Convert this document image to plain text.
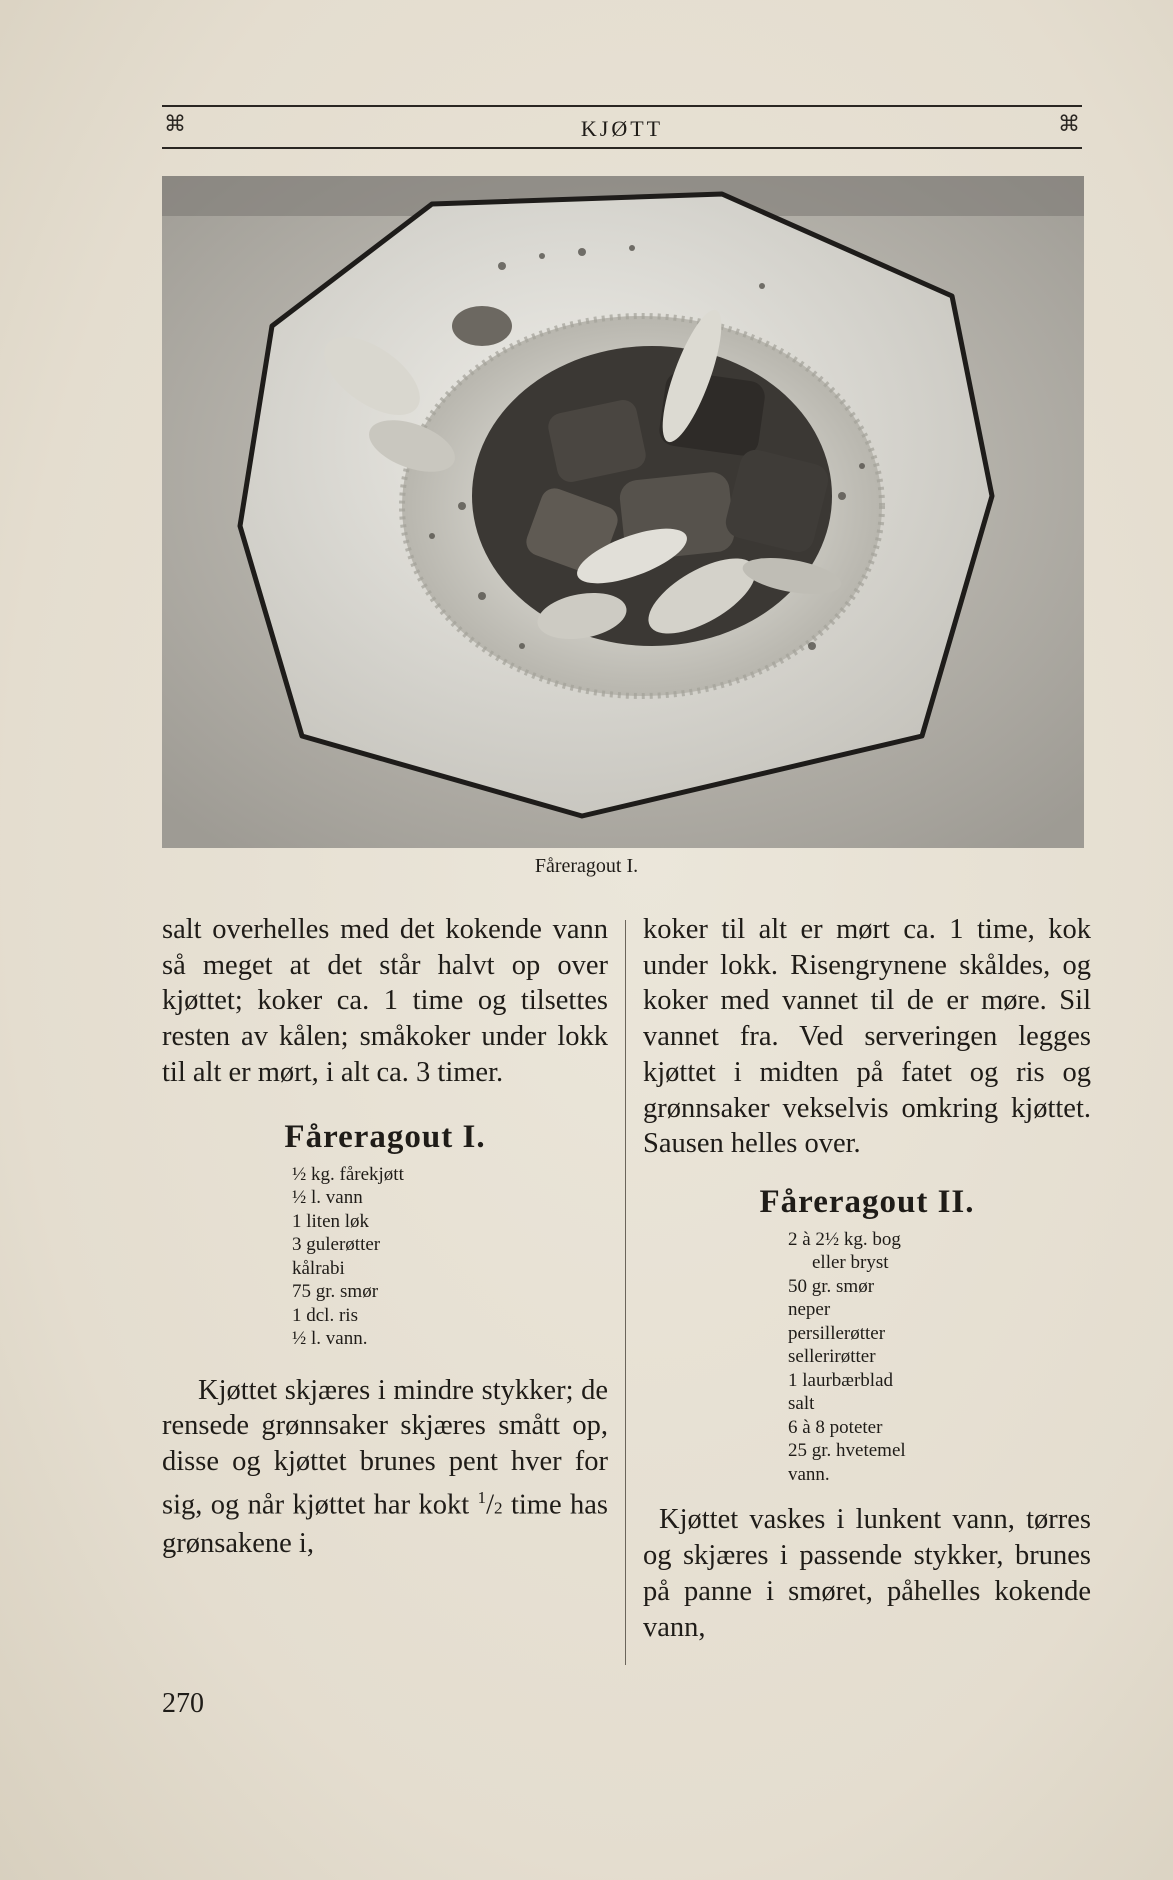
⌘	KJØTT	⌘
Fåreragout I.

salt overhelles med det kokende vann så meget at det står halvt op over kjøttet; koker ca. 1 time og tilsettes resten av kålen; småkoker under lokk til alt er mørt, i alt ca. 3 timer.

Fåreragout I.
½ kg. fårekjøtt
½ l. vann
1 liten løk
3 gulerøtter
kålrabi
75 gr. smør
1 dcl. ris
½ l. vann.

Kjøttet skjæres i mindre stykker; de rensede grønnsaker skjæres smått op, disse og kjøttet brunes pent hver for sig, og når kjøttet har kokt $^1$/2 time has grønsakene i,

koker til alt er mørt ca. 1 time, kok under lokk. Risengrynene skåldes, og koker med vannet til de er møre. Sil vannet fra. Ved serveringen legges kjøttet i midten på fatet og ris og grønnsaker vekselvis omkring kjøttet. Sausen helles over.

Fåreragout II.
2 à 2½ kg. bog
eller bryst
50 gr. smør
neper
persillerøtter
sellerirøtter
1 laurbærblad
salt
6 à 8 poteter
25 gr. hvetemel
vann.

Kjøttet vaskes i lunkent vann, tørres og skjæres i passende stykker, brunes på panne i smøret, påhelles kokende vann,

270
